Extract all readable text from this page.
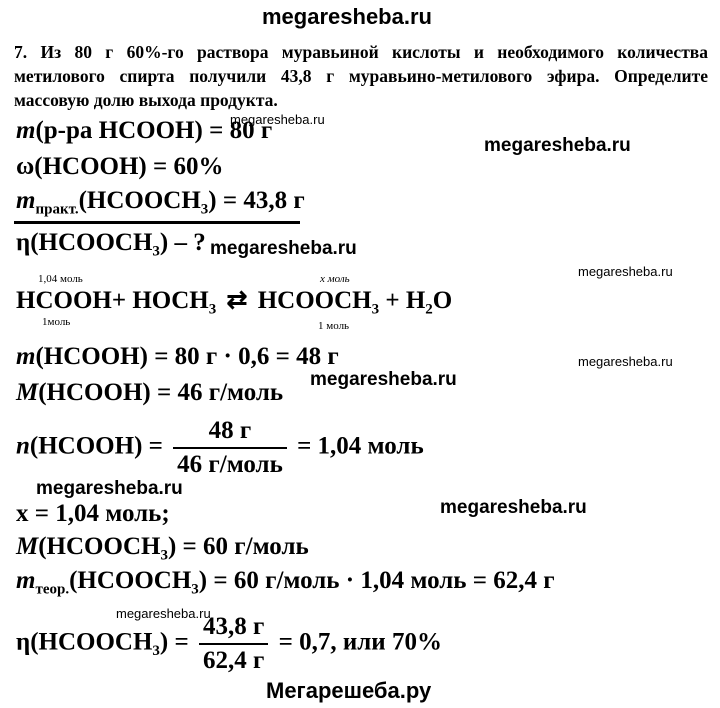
megaresheba.ru
megaresheba.ru
megaresheba.ru
megaresheba.ru
megaresheba.ru
megaresheba.ru
megaresheba.ru
megaresheba.ru
megaresheba.ru
megaresheba.ru
Мегарешеба.ру
7. Из 80 г 60%-го раствора муравьиной кислоты и необходимого количества метилового спирта получили 43,8 г муравьино-метилового эфира. Определите массовую долю выхода продукта.
m(р-ра HCOOH) = 80 г
ω(HCOOH) = 60%
$m_{практ.}(HCOOCH_3) = 43,8$ г
$\eta(HCOOCH_3)$ – ?
1,04 моль	x моль
HCOOH+ $HOCH_3$ ⇄ $HCOOCH_3 + H_2O$
1моль	1 моль
m(HCOOH) = 80 г · 0,6 = 48 г
M(HCOOH) = 46 г/моль
n(HCOOH) = $\frac{48 г}{\text{46 г/моль}} = 1,04$ моль
x = 1,04 моль;
$M(HCOOCH_3) = 60$ г/моль
$m_{теор.}(HCOOCH_3) = 60$ г/моль · 1,04 моль = 62,4 г
$\eta(HCOOCH_3) = \frac{43,8 г}{62,4 г} = 0,7$, или 70%
